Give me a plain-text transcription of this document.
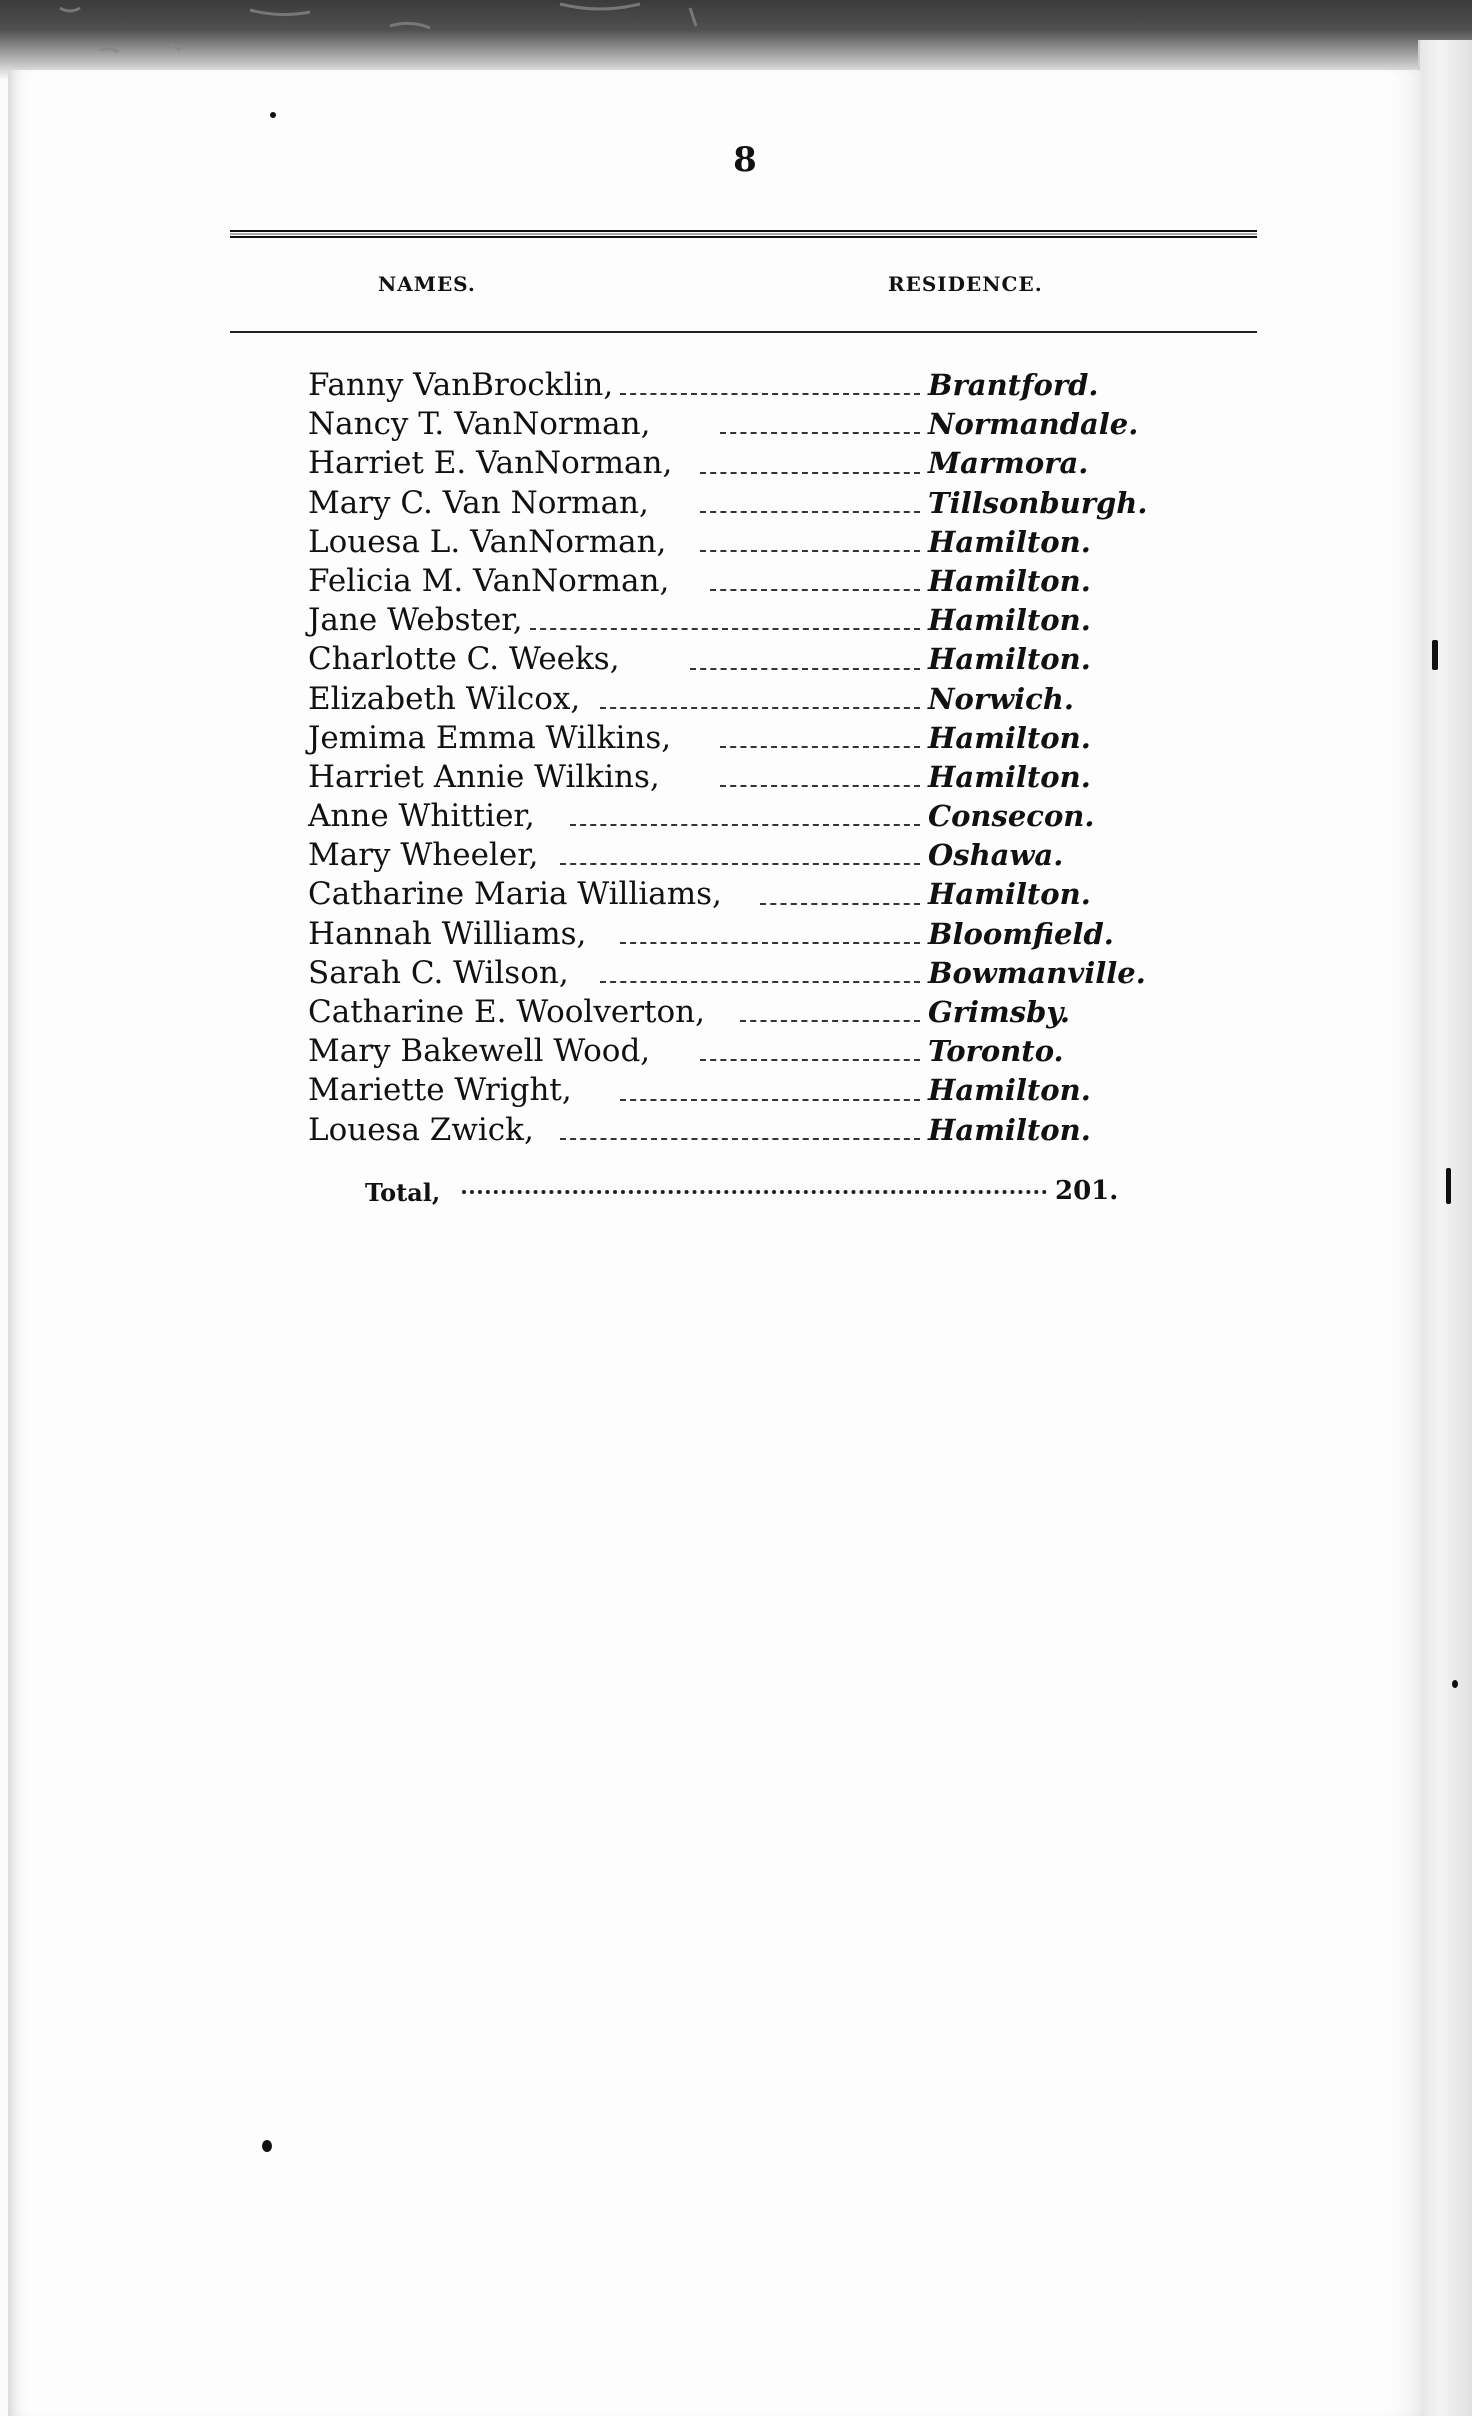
8
NAMES.	RESIDENCE.
Fanny VanBrocklin,	Brantford.
Nancy T. VanNorman,	Normandale.
Harriet E. VanNorman,	Marmora.
Mary C. Van Norman,	Tillsonburgh.
Louesa L. VanNorman,	Hamilton.
Felicia M. VanNorman,	Hamilton.
Jane Webster,	Hamilton.
Charlotte C. Weeks,	Hamilton.
Elizabeth Wilcox,	Norwich.
Jemima Emma Wilkins,	Hamilton.
Harriet Annie Wilkins,	Hamilton.
Anne Whittier,	Consecon.
Mary Wheeler,	Oshawa.
Catharine Maria Williams,	Hamilton.
Hannah Williams,	Bloomfield.
Sarah C. Wilson,	Bowmanville.
Catharine E. Woolverton,	Grimsby.
Mary Bakewell Wood,	Toronto.
Mariette Wright,	Hamilton.
Louesa Zwick,	Hamilton.
Total,	201.
